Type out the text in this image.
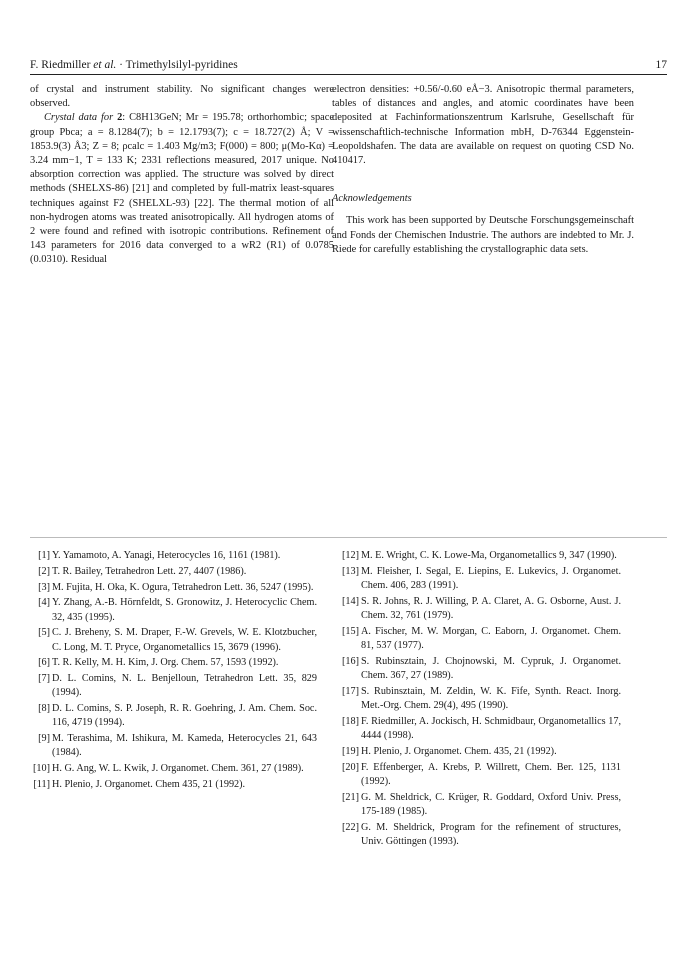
F. Riedmiller et al. · Trimethylsilyl-pyridines	17

of crystal and instrument stability. No significant changes were observed.

Crystal data for 2: C8H13GeN; Mr = 195.78; orthorhombic; space group Pbca; a = 8.1284(7); b = 12.1793(7); c = 18.727(2) Å; V = 1853.9(3) Å3; Z = 8; ρcalc = 1.403 Mg/m3; F(000) = 800; μ(Mo-Kα) = 3.24 mm−1, T = 133 K; 2331 reflections measured, 2017 unique. No absorption correction was applied. The structure was solved by direct methods (SHELXS-86) [21] and completed by full-matrix least-squares techniques against F2 (SHELXL-93) [22]. The thermal motion of all non-hydrogen atoms was treated anisotropically. All hydrogen atoms of 2 were found and refined with isotropic contributions. Refinement of 143 parameters for 2016 data converged to a wR2 (R1) of 0.0785 (0.0310). Residual

electron densities: +0.56/-0.60 eÅ−3. Anisotropic thermal parameters, tables of distances and angles, and atomic coordinates have been deposited at Fachinformationszentrum Karlsruhe, Gesellschaft für wissenschaftlich-technische Information mbH, D-76344 Eggenstein-Leopoldshafen. The data are available on request on quoting CSD No. 410417.

Acknowledgements

This work has been supported by Deutsche Forschungsgemeinschaft and Fonds der Chemischen Industrie. The authors are indebted to Mr. J. Riede for carefully establishing the crystallographic data sets.

[1] Y. Yamamoto, A. Yanagi, Heterocycles 16, 1161 (1981).
[2] T. R. Bailey, Tetrahedron Lett. 27, 4407 (1986).
[3] M. Fujita, H. Oka, K. Ogura, Tetrahedron Lett. 36, 5247 (1995).
[4] Y. Zhang, A.-B. Hörnfeldt, S. Gronowitz, J. Heterocyclic Chem. 32, 435 (1995).
[5] C. J. Breheny, S. M. Draper, F.-W. Grevels, W. E. Klotzbucher, C. Long, M. T. Pryce, Organometallics 15, 3679 (1996).
[6] T. R. Kelly, M. H. Kim, J. Org. Chem. 57, 1593 (1992).
[7] D. L. Comins, N. L. Benjelloun, Tetrahedron Lett. 35, 829 (1994).
[8] D. L. Comins, S. P. Joseph, R. R. Goehring, J. Am. Chem. Soc. 116, 4719 (1994).
[9] M. Terashima, M. Ishikura, M. Kameda, Heterocycles 21, 643 (1984).
[10] H. G. Ang, W. L. Kwik, J. Organomet. Chem. 361, 27 (1989).
[11] H. Plenio, J. Organomet. Chem 435, 21 (1992).
[12] M. E. Wright, C. K. Lowe-Ma, Organometallics 9, 347 (1990).
[13] M. Fleisher, I. Segal, E. Liepins, E. Lukevics, J. Organomet. Chem. 406, 283 (1991).
[14] S. R. Johns, R. J. Willing, P. A. Claret, A. G. Osborne, Aust. J. Chem. 32, 761 (1979).
[15] A. Fischer, M. W. Morgan, C. Eaborn, J. Organomet. Chem. 81, 537 (1977).
[16] S. Rubinsztain, J. Chojnowski, M. Cypruk, J. Organomet. Chem. 367, 27 (1989).
[17] S. Rubinsztain, M. Zeldin, W. K. Fife, Synth. React. Inorg. Met.-Org. Chem. 29(4), 495 (1990).
[18] F. Riedmiller, A. Jockisch, H. Schmidbaur, Organometallics 17, 4444 (1998).
[19] H. Plenio, J. Organomet. Chem. 435, 21 (1992).
[20] F. Effenberger, A. Krebs, P. Willrett, Chem. Ber. 125, 1131 (1992).
[21] G. M. Sheldrick, C. Krüger, R. Goddard, Oxford Univ. Press, 175-189 (1985).
[22] G. M. Sheldrick, Program for the refinement of structures, Univ. Göttingen (1993).
